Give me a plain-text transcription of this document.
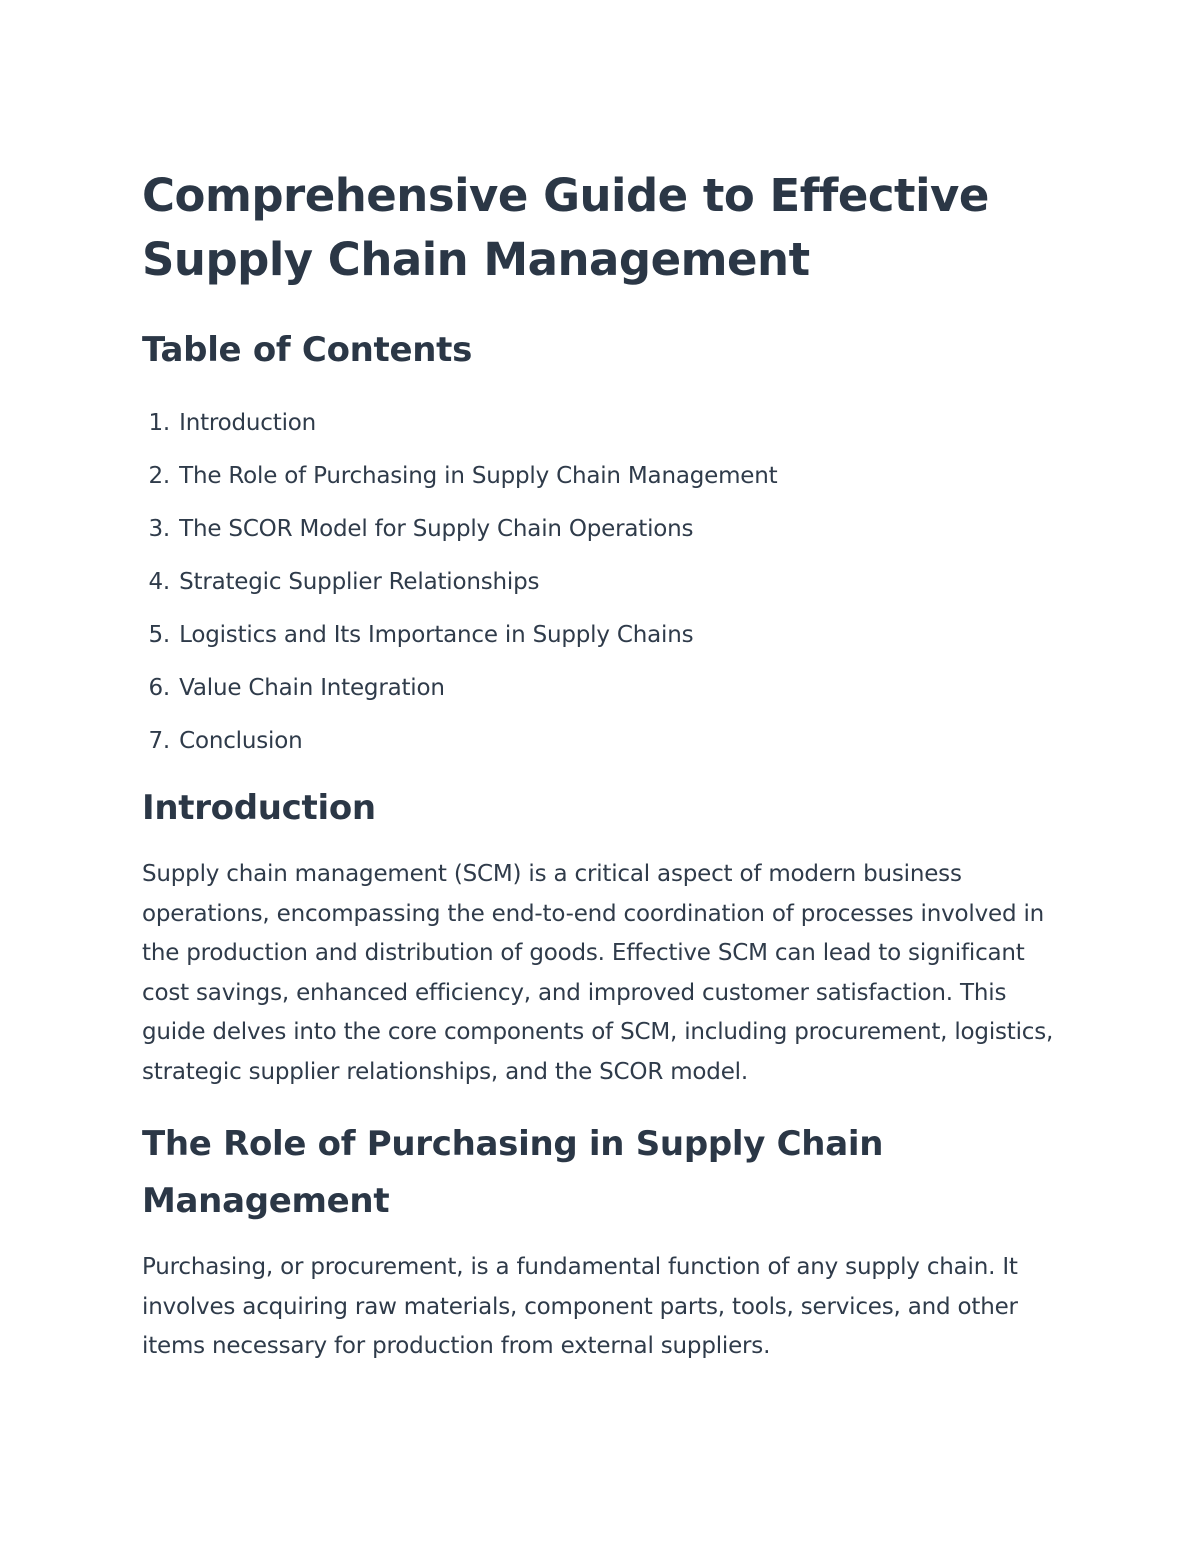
Comprehensive Guide to Effective Supply Chain Management
Table of Contents
1. Introduction
2. The Role of Purchasing in Supply Chain Management
3. The SCOR Model for Supply Chain Operations
4. Strategic Supplier Relationships
5. Logistics and Its Importance in Supply Chains
6. Value Chain Integration
7. Conclusion
Introduction

Supply chain management (SCM) is a critical aspect of modern business operations, encompassing the end-to-end coordination of processes involved in the production and distribution of goods. Effective SCM can lead to significant cost savings, enhanced efficiency, and improved customer satisfaction. This guide delves into the core components of SCM, including procurement, logistics, strategic supplier relationships, and the SCOR model.

The Role of Purchasing in Supply Chain Management

Purchasing, or procurement, is a fundamental function of any supply chain. It involves acquiring raw materials, component parts, tools, services, and other items necessary for production from external suppliers.
